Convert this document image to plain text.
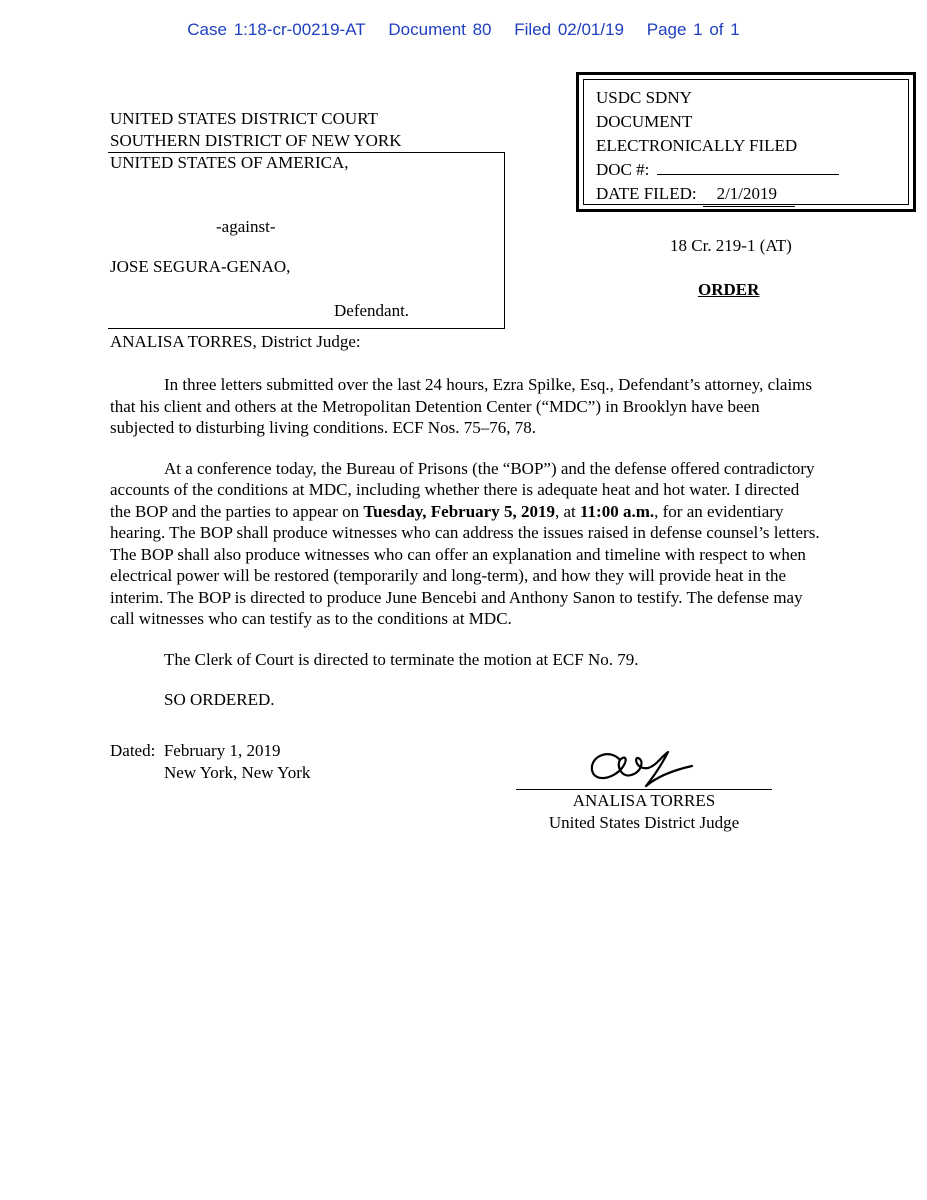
Case 1:18-cr-00219-AT Document 80 Filed 02/01/19 Page 1 of 1
USDC SDNY
DOCUMENT
ELECTRONICALLY FILED
DOC #:
DATE FILED: 2/1/2019
UNITED STATES DISTRICT COURT
SOUTHERN DISTRICT OF NEW YORK
UNITED STATES OF AMERICA,
-against-
JOSE SEGURA-GENAO,
Defendant.
18 Cr. 219-1 (AT)
ORDER
ANALISA TORRES, District Judge:

In three letters submitted over the last 24 hours, Ezra Spilke, Esq., Defendant’s attorney, claims that his client and others at the Metropolitan Detention Center (“MDC”) in Brooklyn have been subjected to disturbing living conditions. ECF Nos. 75–76, 78.

At a conference today, the Bureau of Prisons (the “BOP”) and the defense offered contradictory accounts of the conditions at MDC, including whether there is adequate heat and hot water. I directed the BOP and the parties to appear on Tuesday, February 5, 2019, at 11:00 a.m., for an evidentiary hearing. The BOP shall produce witnesses who can address the issues raised in defense counsel’s letters. The BOP shall also produce witnesses who can offer an explanation and timeline with respect to when electrical power will be restored (temporarily and long-term), and how they will provide heat in the interim. The BOP is directed to produce June Bencebi and Anthony Sanon to testify. The defense may call witnesses who can testify as to the conditions at MDC.

The Clerk of Court is directed to terminate the motion at ECF No. 79.

SO ORDERED.

Dated: February 1, 2019
New York, New York
ANALISA TORRES
United States District Judge
